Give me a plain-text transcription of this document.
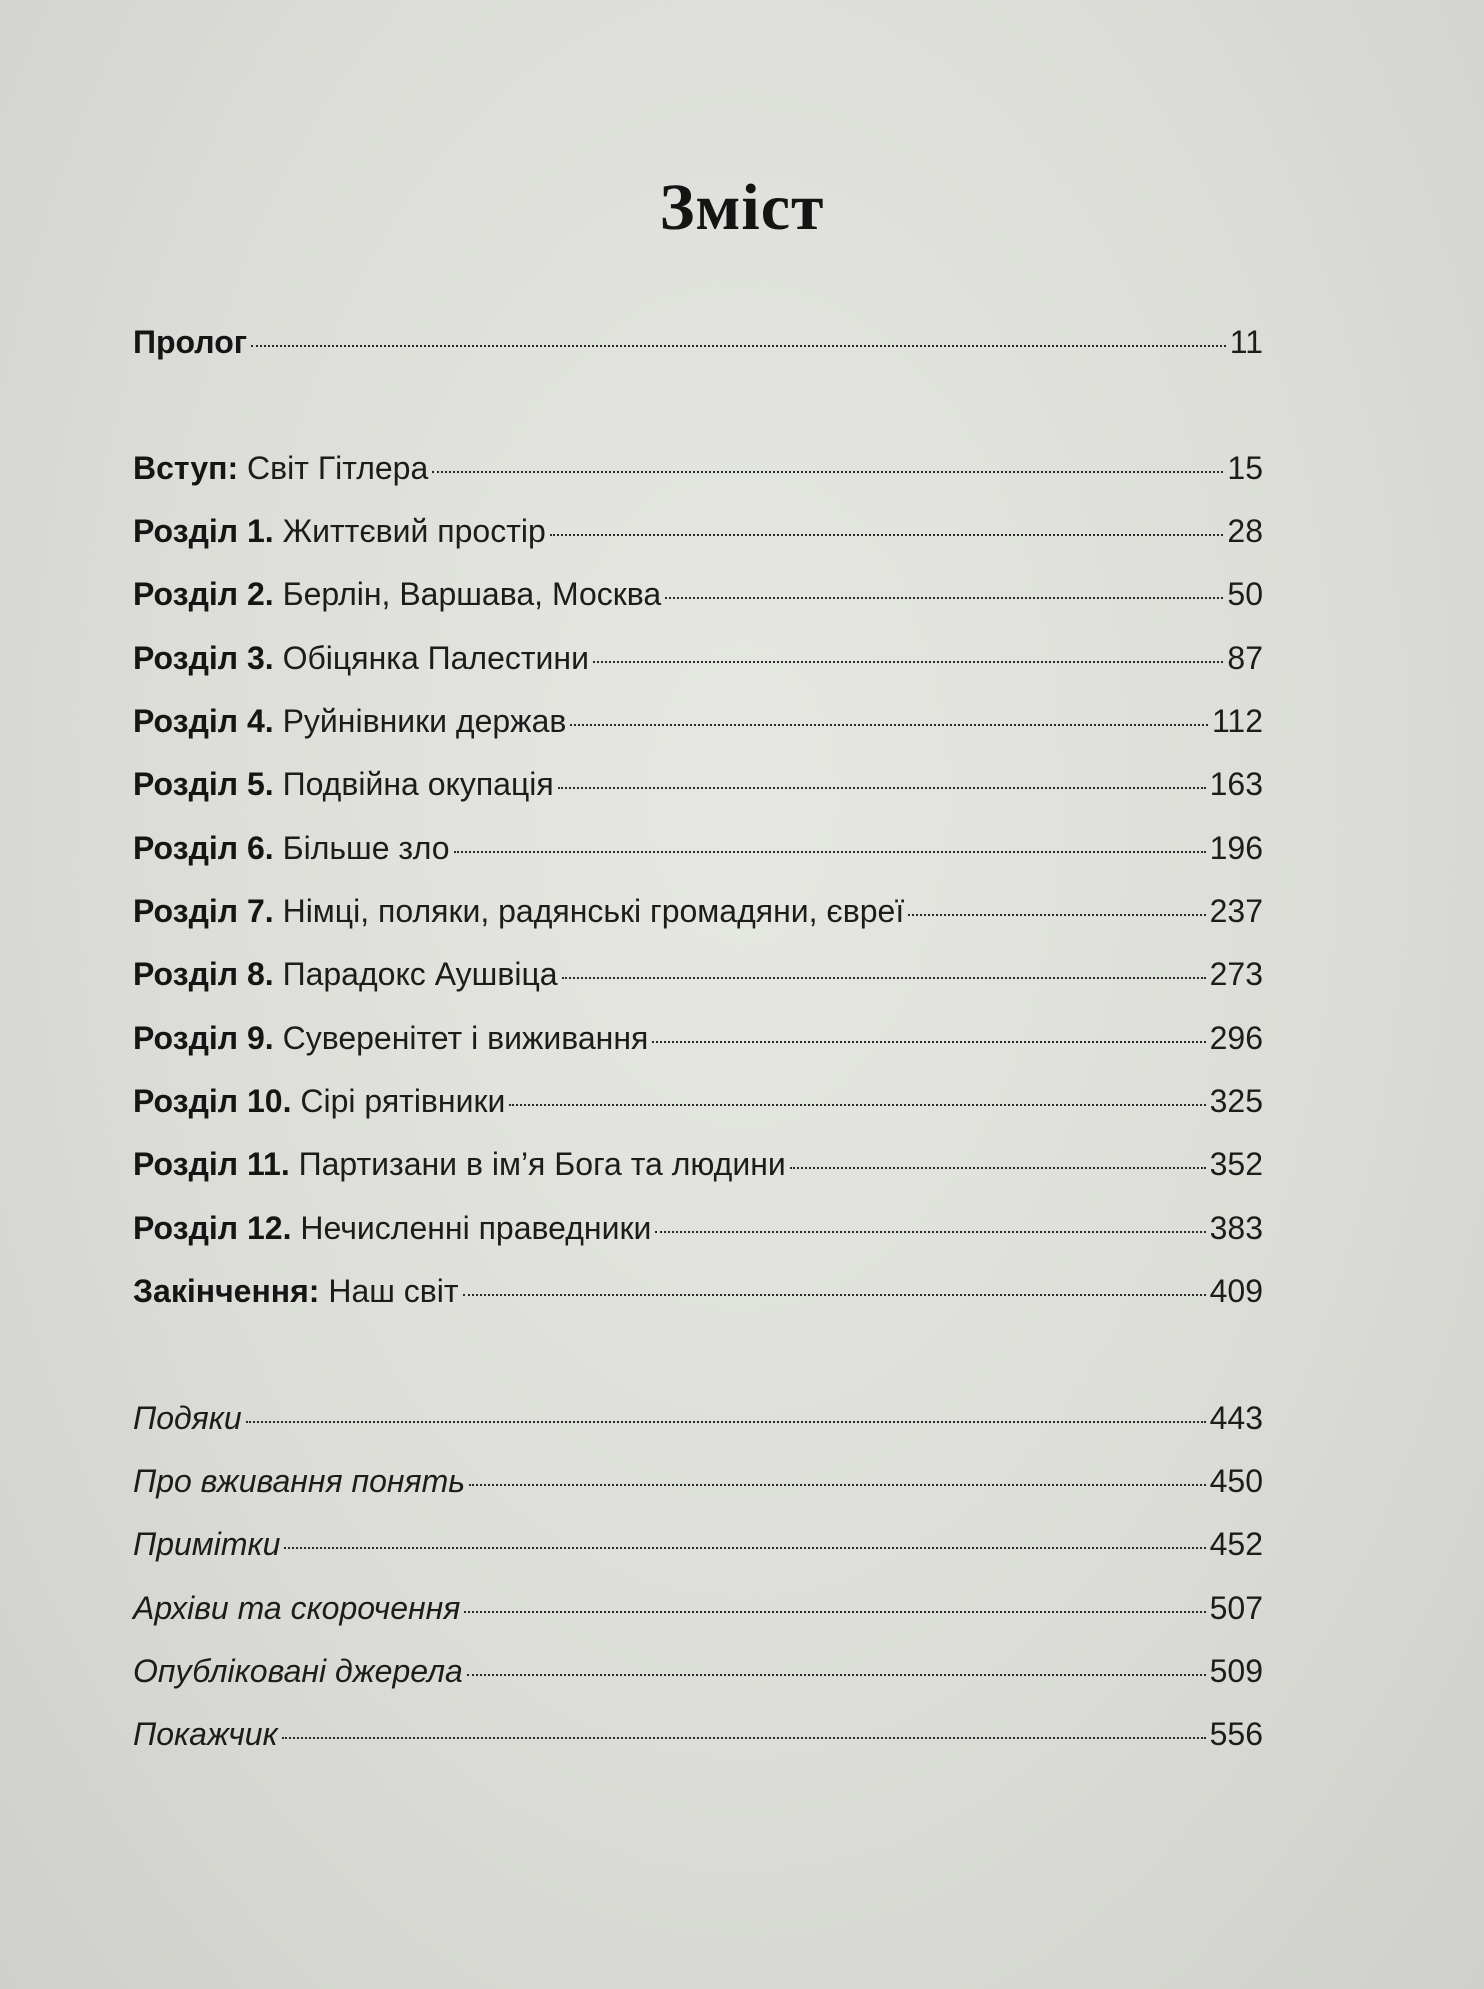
Зміст
Пролог	11
Вступ: Світ Гітлера	15
Розділ 1. Життєвий простір	28
Розділ 2. Берлін, Варшава, Москва	50
Розділ 3. Обіцянка Палестини	87
Розділ 4. Руйнівники держав	112
Розділ 5. Подвійна окупація	163
Розділ 6. Більше зло	196
Розділ 7. Німці, поляки, радянські громадяни, євреї	237
Розділ 8. Парадокс Аушвіца	273
Розділ 9. Суверенітет і виживання	296
Розділ 10. Сірі рятівники	325
Розділ 11. Партизани в ім’я Бога та людини	352
Розділ 12. Нечисленні праведники	383
Закінчення: Наш світ	409
Подяки	443
Про вживання понять	450
Примітки	452
Архіви та скорочення	507
Опубліковані джерела	509
Покажчик	556
